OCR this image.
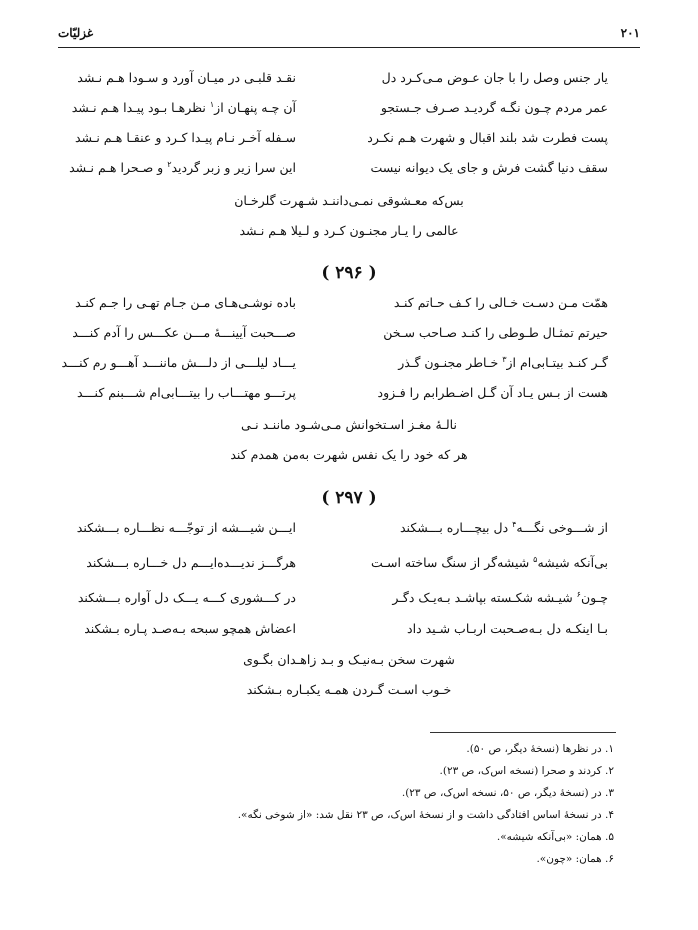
۲۰۱
غزلیّات
یار جنس وصل را با جان عـوض مـی‌کـرد دل
نقـد قلبـی در میـان آورد و سـودا هـم نـشد
عمر مردم چـون نگـه گردیـد صـرف جـستجو
آن چـه پنهـان از$^۱$ نظرهـا بـود پیـدا هـم نـشد
پست فطرت شد بلند اقبال و شهرت هـم نکـرد
سـفله آخـر نـام پیـدا کـرد و عنقـا هـم نـشد
سقف دنیا گشت فرش و جای یک دیوانه نیست
این سرا زیر و زبر گردید$^۲$ و صـحرا هـم نـشد
بس‌که معـشوقی نمـی‌داننـد شـهرت گلرخـان
عالمی را یـار مجنـون کـرد و لـیلا هـم نـشد
( ۲۹۶ )
همّت مـن دسـت خـالی را کـف حـاتم کنـد
باده نوشـی‌هـای مـن جـام تهـی را جـم کنـد
حیرتم تمثـال طـوطی را کنـد صـاحب سـخن
صـــحبت آیینـــۀ مـــن عکـــس را آدم کنـــد
گـر کنـد بیتـابی‌ام از$^۳$ خـاطر مجنـون گـذر
یـــاد لیلـــی از دلـــش ماننـــد آهـــو رم کنـــد
هست از بـس یـاد آن گـل اضـطرابم را فـزود
پرتـــو مهتـــاب را بیتـــابی‌ام شـــبنم کنـــد
نالـۀ مغـز اسـتخوانش مـی‌شـود ماننـد نـی
هر که خود را یک نفس شهرت به‌من همدم کند
( ۲۹۷ )
از شـــوخی نگـــه$^۴$ دل بیچـــاره بـــشکند
ایـــن شیـــشه از توجّـــه نظـــاره بـــشکند
بی‌آنکه شیشه$^۵$ شیشه‌گر از سنگ ساخته اسـت
هرگـــز ندیـــده‌ایـــم دل خـــاره بـــشکند
چـون$^۶$ شیـشه شکـسته بپاشـد بـه‌یـک دگـر
در کـــشوری کـــه یـــک دل آواره بـــشکند
بـا اینکـه دل بـه‌صـحبت اربـاب شـید داد
اعضاش همچو سبحه بـه‌صـد پـاره بـشکند
شهرت سخن بـه‌نیـک و بـد زاهـدان بگـوی
خـوب اسـت گـردن همـه یکبـاره بـشکند
۱. در نظرها (نسخۀ دیگر، ص ۵۰).
۲. کردند و صحرا (نسخه اس‌ک، ص ۲۳).
۳. در (نسخۀ دیگر، ص ۵۰، نسخه اس‌ک، ص ۲۳).
۴. در نسخۀ اساس افتادگی داشت و از نسخۀ اس‌ک، ص ۲۳ نقل شد: «از شوخی نگه».
۵. همان: «بی‌آنکه شیشه».
۶. همان: «چون».
